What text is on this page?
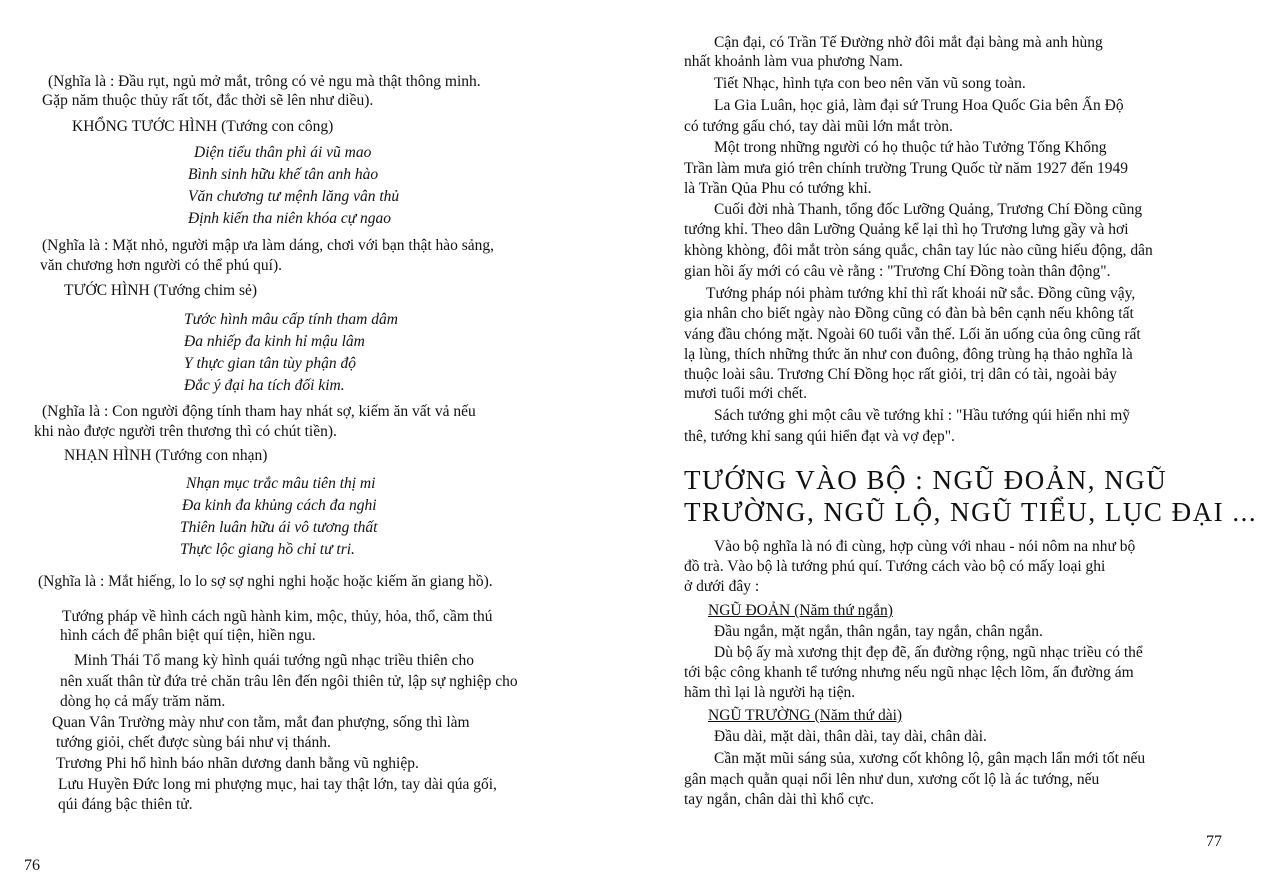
(Nghĩa là : Đầu rụt, ngủ mở mắt, trông có vẻ ngu mà thật thông minh.
Gặp năm thuộc thủy rất tốt, đắc thời sẽ lên như diều).
KHỔNG TƯỚC HÌNH (Tướng con công)
Diện tiểu thân phì ái vũ mao
Bình sinh hữu khế tân anh hào
Văn chương tư mệnh lăng vân thủ
Định kiến tha niên khóa cự ngao
(Nghĩa là : Mặt nhỏ, người mập ưa làm dáng, chơi với bạn thật hào sảng,
văn chương hơn người có thể phú quí).
TƯỚC HÌNH (Tướng chim sẻ)
Tước hình mâu cấp tính tham dâm
Đa nhiếp đa kinh hỉ mậu lâm
Y thực gian tân tùy phận độ
Đắc ý đại ha tích đối kim.
(Nghĩa là : Con người động tính tham hay nhát sợ, kiếm ăn vất vả nếu
khi nào được người trên thương thì có chút tiền).
NHẠN HÌNH (Tướng con nhạn)
Nhạn mục trắc mâu tiên thị mi
Đa kinh đa khủng cách đa nghi
Thiên luân hữu ái vô tương thất
Thực lộc giang hồ chỉ tư tri.
(Nghĩa là : Mắt hiếng, lo lo sợ sợ nghi nghi hoặc hoặc kiếm ăn giang hồ).
Tướng pháp về hình cách ngũ hành kim, mộc, thủy, hỏa, thổ, cầm thú
hình cách để phân biệt quí tiện, hiền ngu.
Minh Thái Tổ mang kỳ hình quái tướng ngũ nhạc triều thiên cho
nên xuất thân từ đứa trẻ chăn trâu lên đến ngôi thiên tử, lập sự nghiệp cho
dòng họ cả mấy trăm năm.
Quan Vân Trường mày như con tằm, mắt đan phượng, sống thì làm
tướng giỏi, chết được sùng bái như vị thánh.
Trương Phi hổ hình báo nhãn dương danh bằng vũ nghiệp.
Lưu Huyền Đức long mi phượng mục, hai tay thật lớn, tay dài qúa gối,
qúi đáng bậc thiên tử.
76
Cận đại, có Trần Tế Đường nhờ đôi mắt đại bàng mà anh hùng
nhất khoảnh làm vua phương Nam.
Tiết Nhạc, hình tựa con beo nên văn vũ song toàn.
La Gia Luân, học giả, làm đại sứ Trung Hoa Quốc Gia bên Ấn Độ
có tướng gấu chó, tay dài mũi lớn mắt tròn.
Một trong những người có họ thuộc tứ hào Tưởng Tống Khổng
Trần làm mưa gió trên chính trường Trung Quốc từ năm 1927 đến 1949
là Trần Qủa Phu có tướng khỉ.
Cuối đời nhà Thanh, tổng đốc Lưỡng Quảng, Trương Chí Đồng cũng
tướng khỉ. Theo dân Lưỡng Quảng kể lại thì họ Trương lưng gầy và hơi
khòng khòng, đôi mắt tròn sáng quắc, chân tay lúc nào cũng hiếu động, dân
gian hồi ấy mới có câu vè rằng : "Trương Chí Đồng toàn thân động".
Tướng pháp nói phàm tướng khỉ thì rất khoái nữ sắc. Đồng cũng vậy,
gia nhân cho biết ngày nào Đồng cũng có đàn bà bên cạnh nếu không tất
váng đầu chóng mặt. Ngoài 60 tuổi vẫn thế. Lối ăn uống của ông cũng rất
lạ lùng, thích những thức ăn như con đuông, đông trùng hạ thảo nghĩa là
thuộc loài sâu. Trương Chí Đồng học rất giỏi, trị dân có tài, ngoài bảy
mươi tuổi mới chết.
Sách tướng ghi một câu về tướng khỉ : "Hầu tướng qúi hiển nhi mỹ
thê, tướng khỉ sang qúi hiển đạt và vợ đẹp".
TƯỚNG VÀO BỘ : NGŨ ĐOẢN, NGŨ
TRƯỜNG, NGŨ LỘ, NGŨ TIỂU, LỤC ĐẠI ...
Vào bộ nghĩa là nó đi cùng, hợp cùng với nhau - nói nôm na như bộ
đồ trà. Vào bộ là tướng phú quí. Tướng cách vào bộ có mấy loại ghi
ở dưới đây :
NGŨ ĐOẢN (Năm thứ ngắn)
Đầu ngắn, mặt ngắn, thân ngắn, tay ngắn, chân ngắn.
Dù bộ ấy mà xương thịt đẹp đẽ, ấn đường rộng, ngũ nhạc triều có thể
tới bậc công khanh tể tướng nhưng nếu ngũ nhạc lệch lõm, ấn đường ám
hãm thì lại là người hạ tiện.
NGŨ TRƯỜNG (Năm thứ dài)
Đầu dài, mặt dài, thân dài, tay dài, chân dài.
Cần mặt mũi sáng sủa, xương cốt không lộ, gân mạch lẩn mới tốt nếu
gân mạch quằn quại nổi lên như dun, xương cốt lộ là ác tướng, nếu
tay ngắn, chân dài thì khổ cực.
77
